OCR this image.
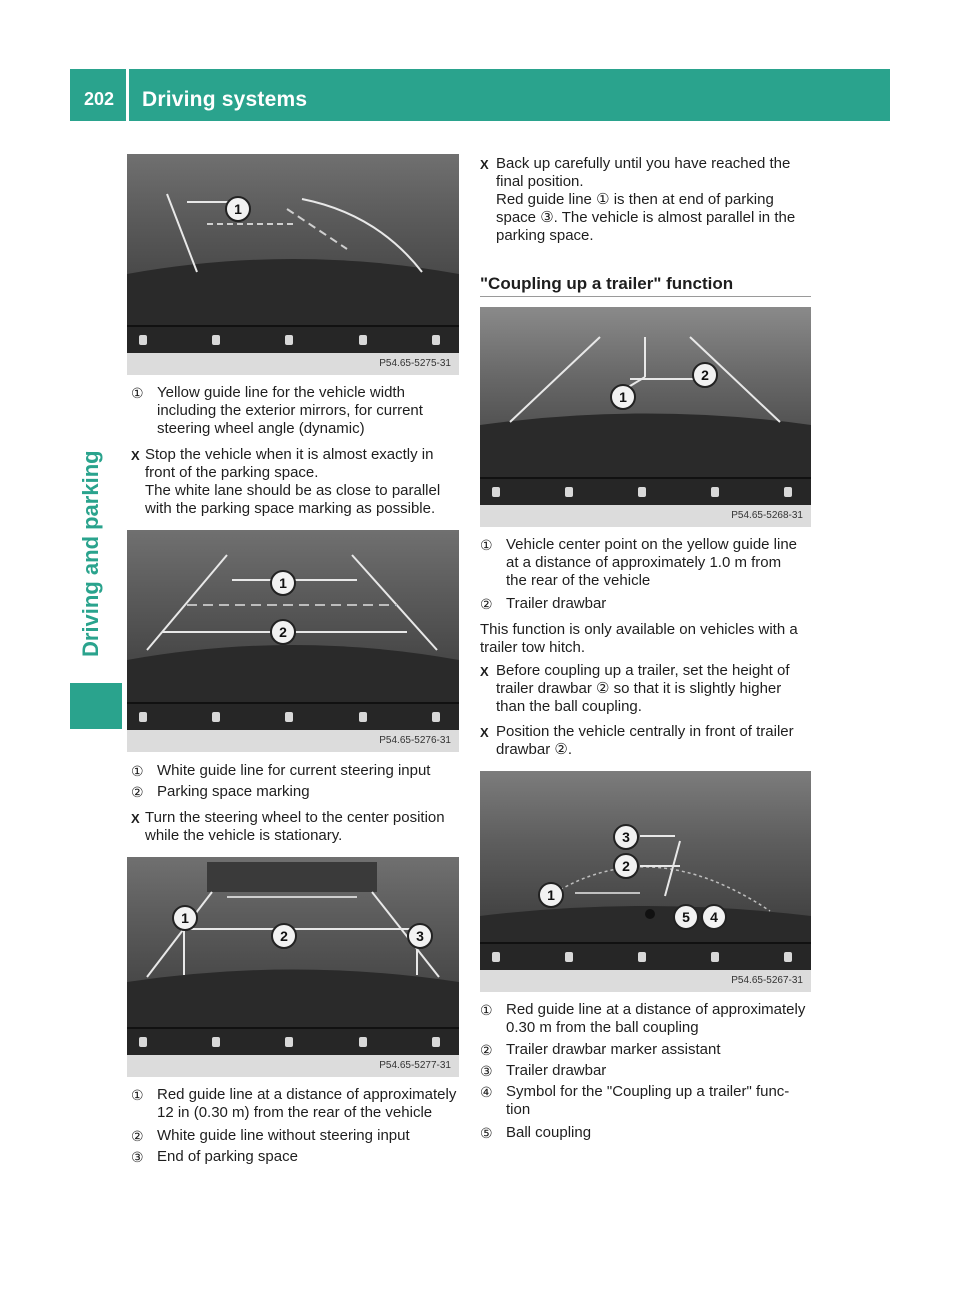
202 Driving systems
Driving and parking
1
P54.65-5275-31
① Yellow guide line for the vehicle width
including the exterior mirrors, for current
steering wheel angle (dynamic)
X Stop the vehicle when it is almost exactly in
front of the parking space.
The white lane should be as close to parallel
with the parking space marking as possible.
1
2
P54.65-5276-31
① White guide line for current steering input
② Parking space marking
X Turn the steering wheel to the center position
while the vehicle is stationary.
1
2	3
P54.65-5277-31
① Red guide line at a distance of approximately
12 in (0.30 m) from the rear of the vehicle
② White guide line without steering input
③ End of parking space
X Back up carefully until you have reached the
final position.
Red guide line ① is then at end of parking
space ③. The vehicle is almost parallel in the
parking space.
"Coupling up a trailer" function
1
2
P54.65-5268-31
① Vehicle center point on the yellow guide line
at a distance of approximately 1.0 m from
the rear of the vehicle
② Trailer drawbar
This function is only available on vehicles with a
trailer tow hitch.
X Before coupling up a trailer, set the height of
trailer drawbar ② so that it is slightly higher
than the ball coupling.
X Position the vehicle centrally in front of trailer
drawbar ②.
3
2
1
5	4
P54.65-5267-31
① Red guide line at a distance of approximately
0.30 m from the ball coupling
② Trailer drawbar marker assistant
③ Trailer drawbar
④ Symbol for the "Coupling up a trailer" func-
tion
⑤ Ball coupling
